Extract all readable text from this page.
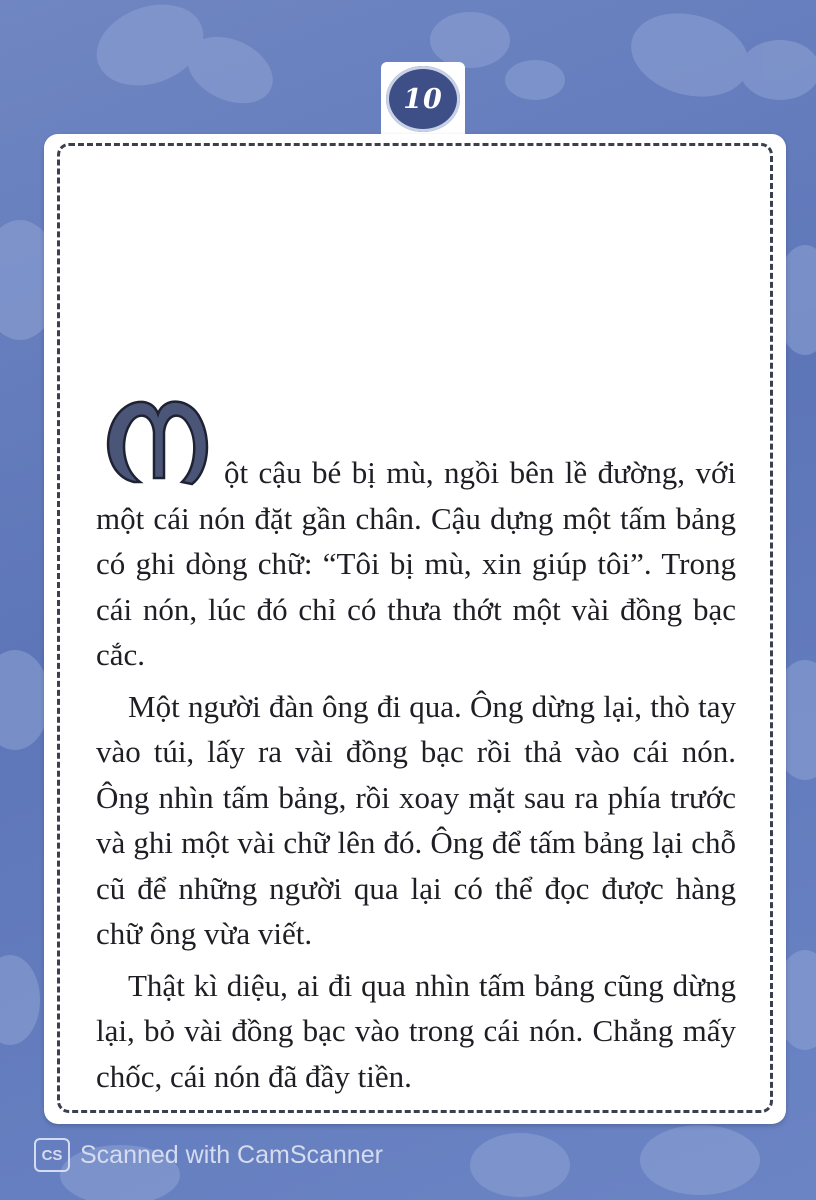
10

ột cậu bé bị mù, ngồi bên lề đường, với một cái nón đặt gần chân. Cậu dựng một tấm bảng có ghi dòng chữ: “Tôi bị mù, xin giúp tôi”. Trong cái nón, lúc đó chỉ có thưa thớt một vài đồng bạc cắc.

Một người đàn ông đi qua. Ông dừng lại, thò tay vào túi, lấy ra vài đồng bạc rồi thả vào cái nón. Ông nhìn tấm bảng, rồi xoay mặt sau ra phía trước và ghi một vài chữ lên đó. Ông để tấm bảng lại chỗ cũ để những người qua lại có thể đọc được hàng chữ ông vừa viết.

Thật kì diệu, ai đi qua nhìn tấm bảng cũng dừng lại, bỏ vài đồng bạc vào trong cái nón. Chẳng mấy chốc, cái nón đã đầy tiền.

CS Scanned with CamScanner
